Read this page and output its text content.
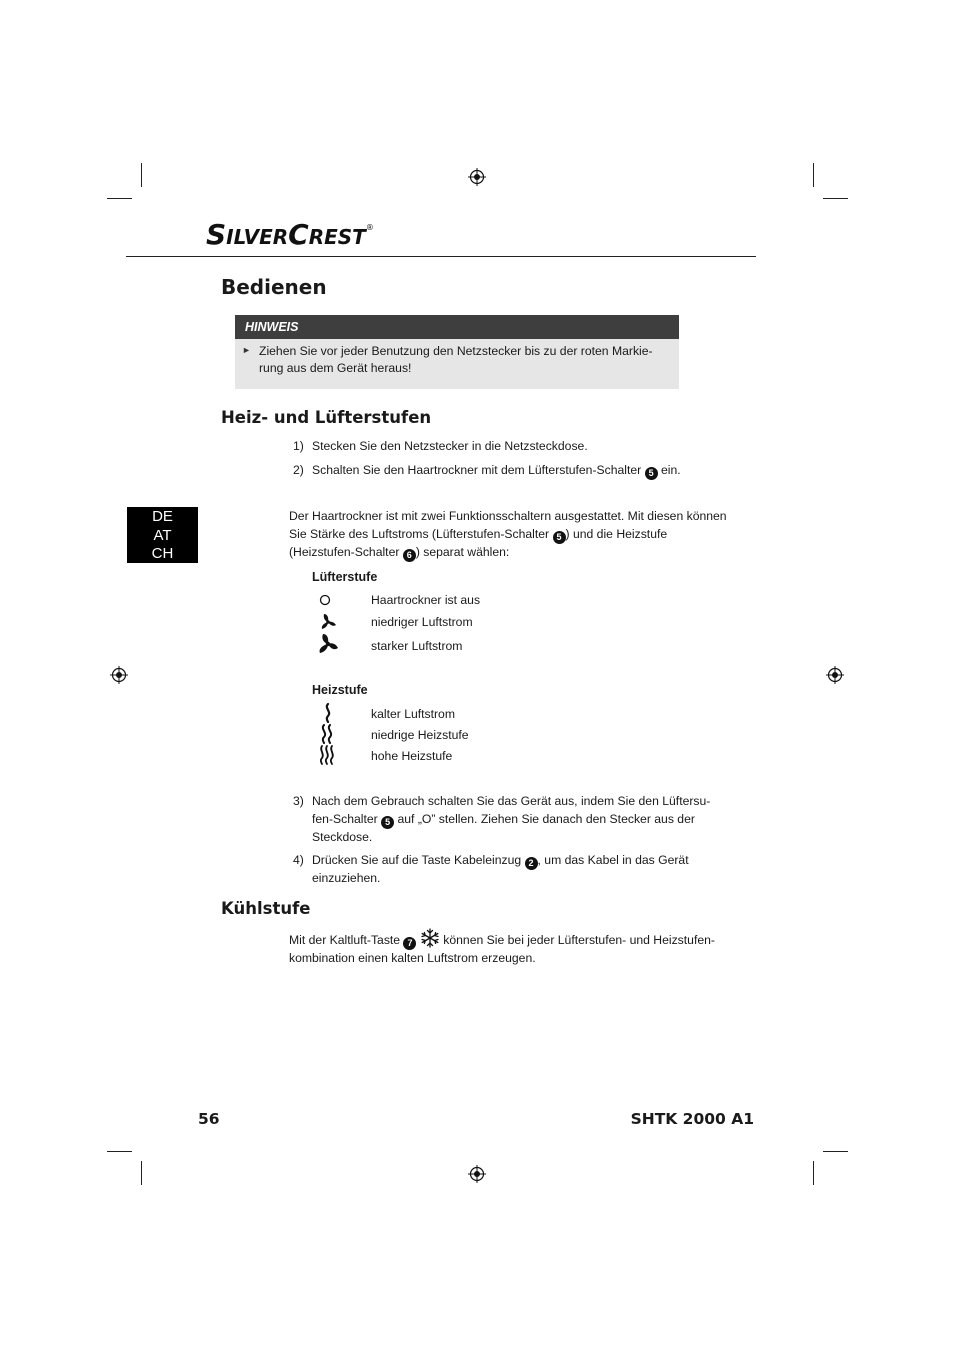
SILVERCREST®
Bedienen
HINWEIS
► Ziehen Sie vor jeder Benutzung den Netzstecker bis zu der roten Markie-rung aus dem Gerät heraus!
Heiz- und Lüfterstufen
1) Stecken Sie den Netzstecker in die Netzsteckdose.
2) Schalten Sie den Haartrockner mit dem Lüfterstufen-Schalter 5 ein.
DE
AT
CH
Der Haartrockner ist mit zwei Funktionsschaltern ausgestattet. Mit diesen können Sie Stärke des Luftstroms (Lüfterstufen-Schalter 5 ) und die Heizstufe (Heizstufen-Schalter 6 ) separat wählen:
Lüfterstufe
Haartrockner ist aus
niedriger Luftstrom
starker Luftstrom
Heizstufe
kalter Luftstrom
niedrige Heizstufe
hohe Heizstufe
3) Nach dem Gebrauch schalten Sie das Gerät aus, indem Sie den Lüftersu-fen-Schalter 5 auf „O” stellen. Ziehen Sie danach den Stecker aus der Steckdose.
4) Drücken Sie auf die Taste Kabeleinzug 2 , um das Kabel in das Gerät einzuziehen.
Kühlstufe
Mit der Kaltluft-Taste 7	können Sie bei jeder Lüfterstufen- und Heizstufen-kombination einen kalten Luftstrom erzeugen.
56	SHTK 2000 A1
